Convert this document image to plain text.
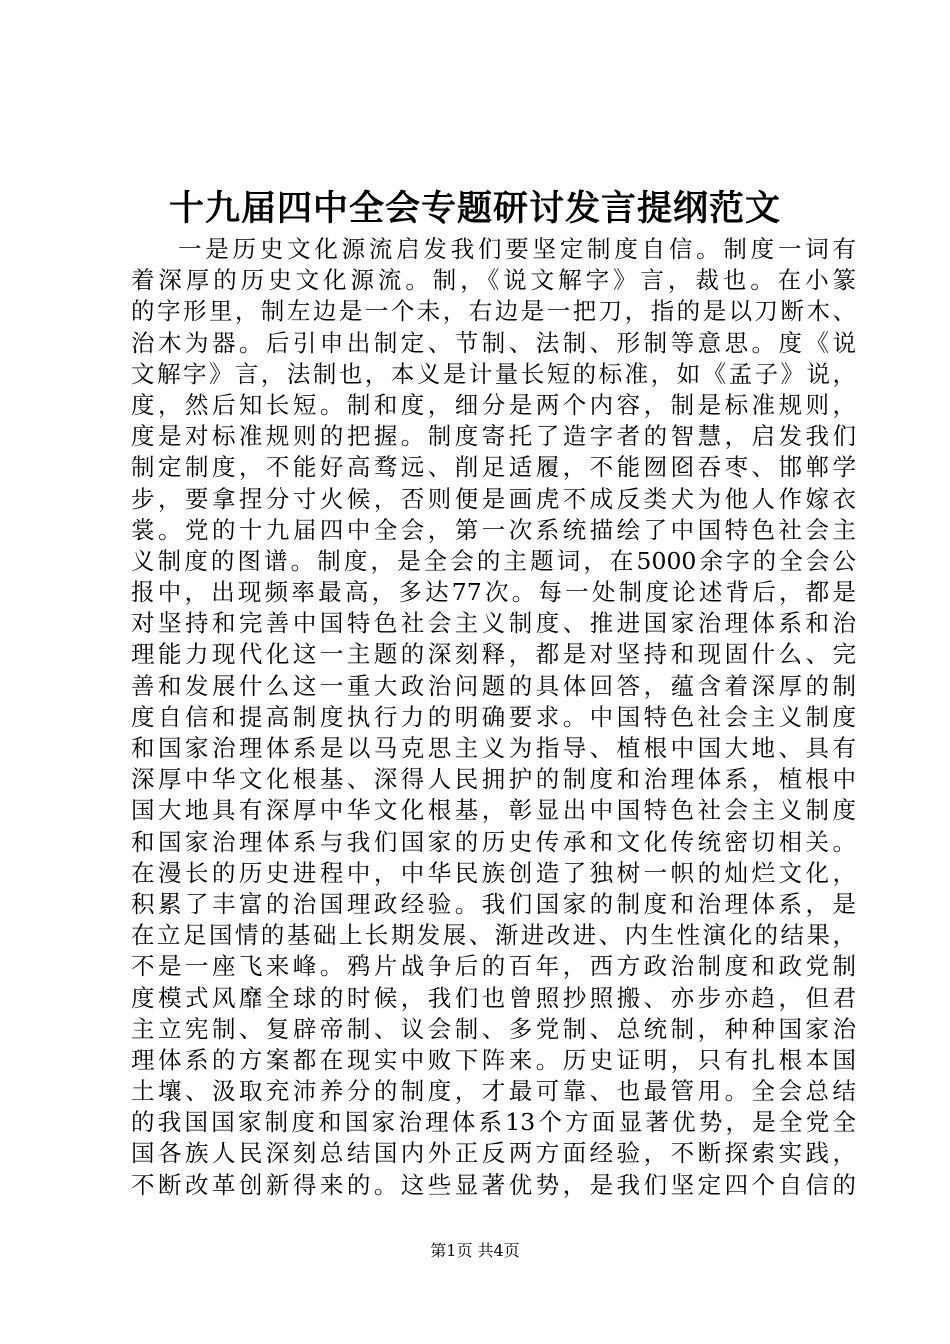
十九届四中全会专题研讨发言提纲范文
一是历史文化源流启发我们要坚定制度自信。制度一词有
着深厚的历史文化源流。制，《说文解字》言，裁也。在小篆
的字形里，制左边是一个未，右边是一把刀，指的是以刀断木、
治木为器。后引申出制定、节制、法制、形制等意思。度《说
文解字》言，法制也，本义是计量长短的标准，如《孟子》说，
度，然后知长短。制和度，细分是两个内容，制是标准规则，
度是对标准规则的把握。制度寄托了造字者的智慧，启发我们
制定制度，不能好高骛远、削足适履，不能囫囵吞枣、邯郸学
步，要拿捏分寸火候，否则便是画虎不成反类犬为他人作嫁衣
裳。党的十九届四中全会，第一次系统描绘了中国特色社会主
义制度的图谱。制度，是全会的主题词，在5000余字的全会公
报中，出现频率最高，多达77次。每一处制度论述背后，都是
对坚持和完善中国特色社会主义制度、推进国家治理体系和治
理能力现代化这一主题的深刻释，都是对坚持和现固什么、完
善和发展什么这一重大政治问题的具体回答，蕴含着深厚的制
度自信和提高制度执行力的明确要求。中国特色社会主义制度
和国家治理体系是以马克思主义为指导、植根中国大地、具有
深厚中华文化根基、深得人民拥护的制度和治理体系，植根中
国大地具有深厚中华文化根基，彰显出中国特色社会主义制度
和国家治理体系与我们国家的历史传承和文化传统密切相关。
在漫长的历史进程中，中华民族创造了独树一帜的灿烂文化，
积累了丰富的治国理政经验。我们国家的制度和治理体系，是
在立足国情的基础上长期发展、渐进改进、内生性演化的结果，
不是一座飞来峰。鸦片战争后的百年，西方政治制度和政党制
度模式风靡全球的时候，我们也曾照抄照搬、亦步亦趋，但君
主立宪制、复辟帝制、议会制、多党制、总统制，种种国家治
理体系的方案都在现实中败下阵来。历史证明，只有扎根本国
土壤、汲取充沛养分的制度，才最可靠、也最管用。全会总结
的我国国家制度和国家治理体系13个方面显著优势，是全党全
国各族人民深刻总结国内外正反两方面经验，不断探索实践，
不断改革创新得来的。这些显著优势，是我们坚定四个自信的
第1页 共4页
